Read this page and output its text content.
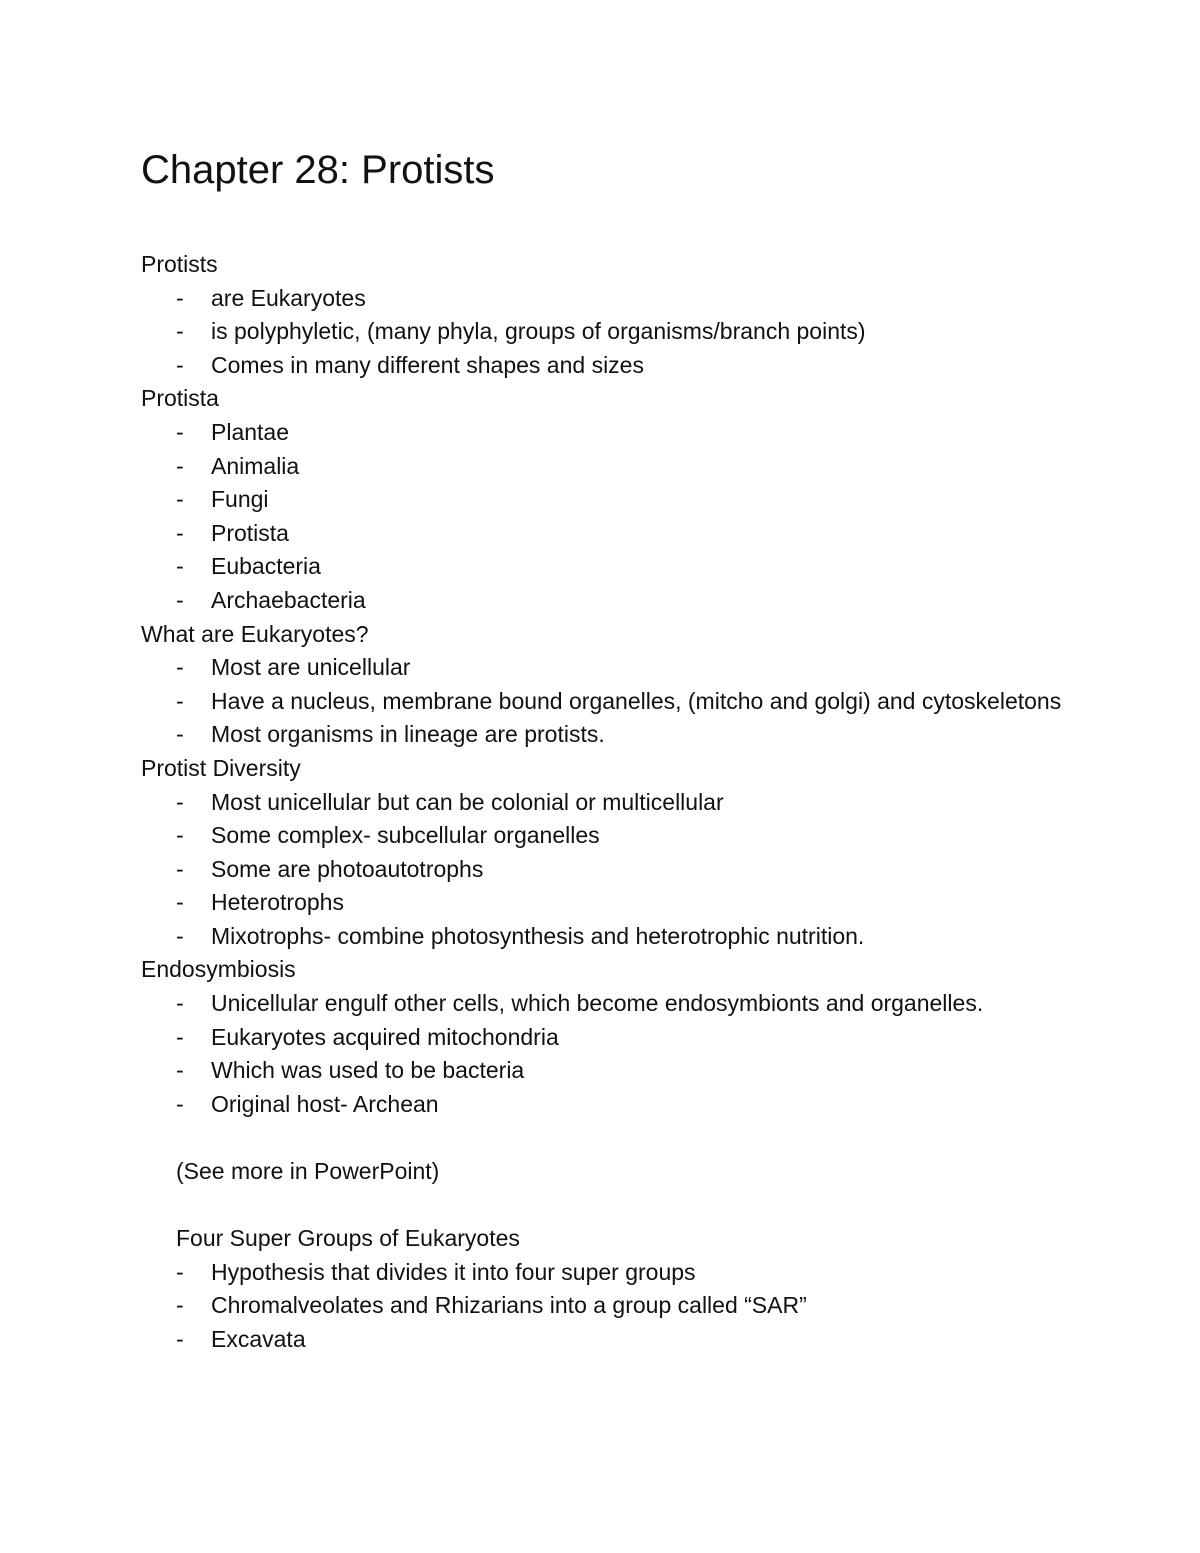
Chapter 28: Protists

Protists

- are Eukaryotes
- is polyphyletic, (many phyla, groups of organisms/branch points)
- Comes in many different shapes and sizes

Protista

- Plantae
- Animalia
- Fungi
- Protista
- Eubacteria
- Archaebacteria

What are Eukaryotes?

- Most are unicellular
- Have a nucleus, membrane bound organelles, (mitcho and golgi) and cytoskeletons
- Most organisms in lineage are protists.

Protist Diversity

- Most unicellular but can be colonial or multicellular
- Some complex- subcellular organelles
- Some are photoautotrophs
- Heterotrophs
- Mixotrophs- combine photosynthesis and heterotrophic nutrition.

Endosymbiosis

- Unicellular engulf other cells, which become endosymbionts and organelles.
- Eukaryotes acquired mitochondria
- Which was used to be bacteria
- Original host- Archean

(See more in PowerPoint)

Four Super Groups of Eukaryotes

- Hypothesis that divides it into four super groups
- Chromalveolates and Rhizarians into a group called “SAR”
- Excavata
